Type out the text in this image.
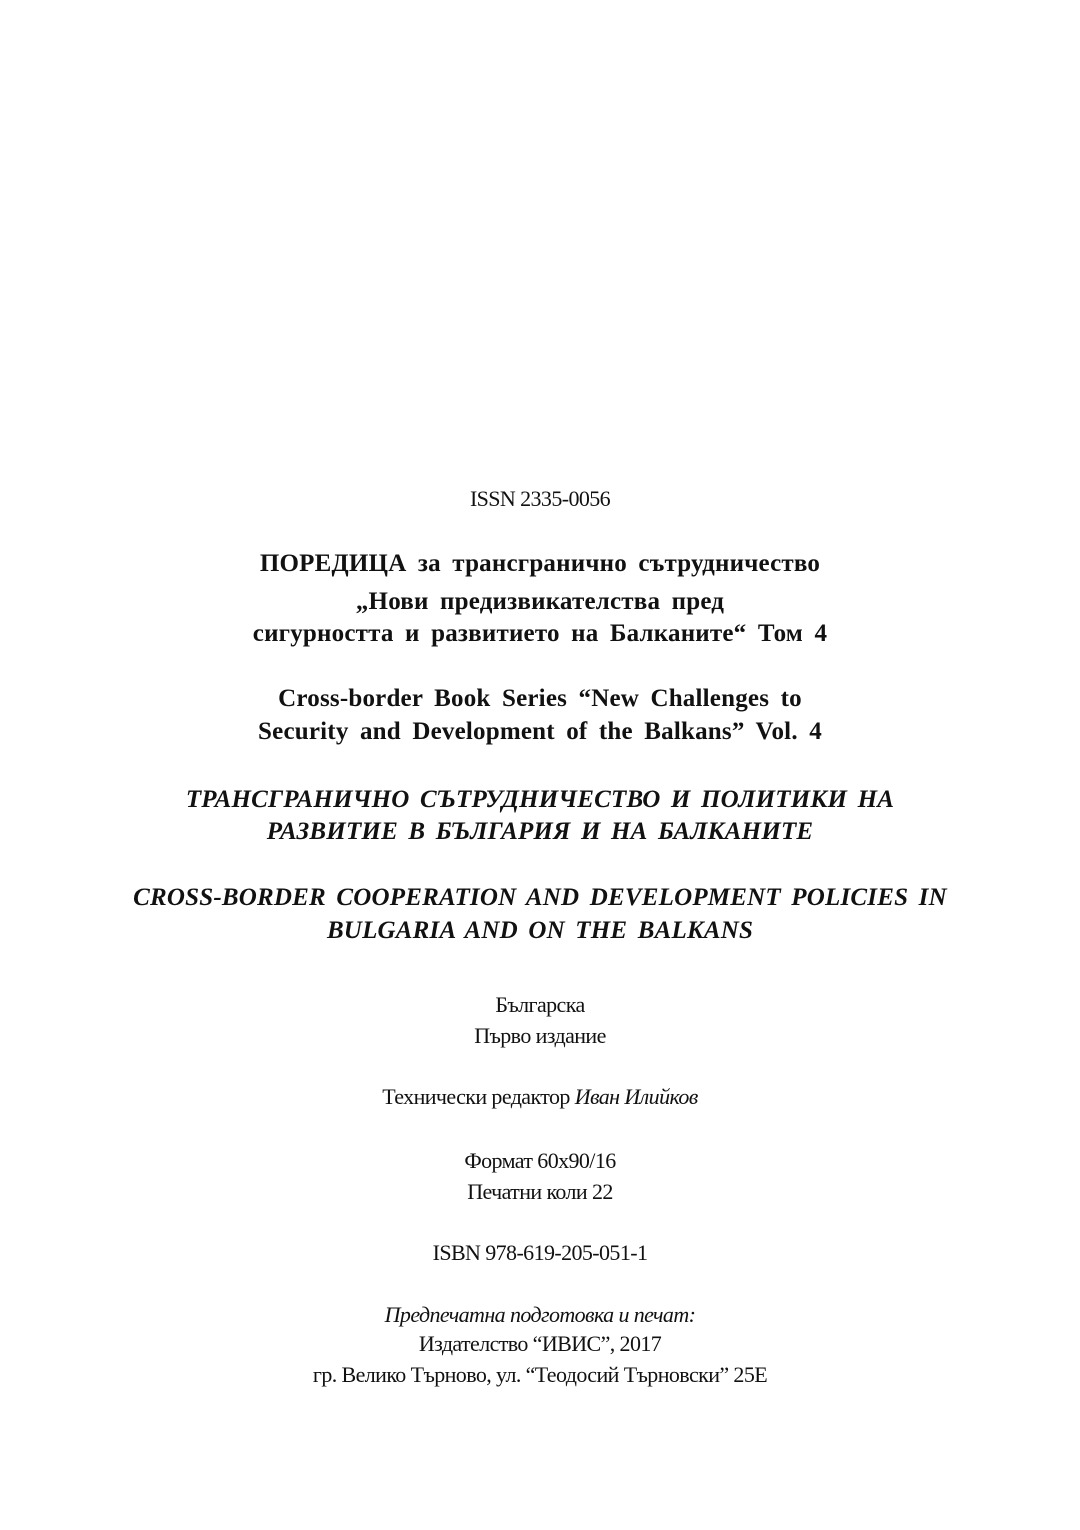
ISSN 2335-0056
ПОРЕДИЦА за трансгранично сътрудничество
„Нови предизвикателства пред
сигурността и развитието на Балканите“ Том 4
Cross-border Book Series “New Challenges to
Security and Development of the Balkans” Vol. 4
ТРАНСГРАНИЧНО СЪТРУДНИЧЕСТВО И ПОЛИТИКИ НА
РАЗВИТИЕ В БЪЛГАРИЯ И НА БАЛКАНИТЕ
CROSS-BORDER COOPERATION AND DEVELOPMENT POLICIES IN
BULGARIA AND ON THE BALKANS
Българска
Първо издание
Технически редактор Иван Илийков
Формат 60x90/16
Печатни коли 22
ISBN 978-619-205-051-1
Предпечатна подготовка и печат:
Издателство “ИВИС”, 2017
гр. Велико Търново, ул. “Теодосий Търновски” 25Е
